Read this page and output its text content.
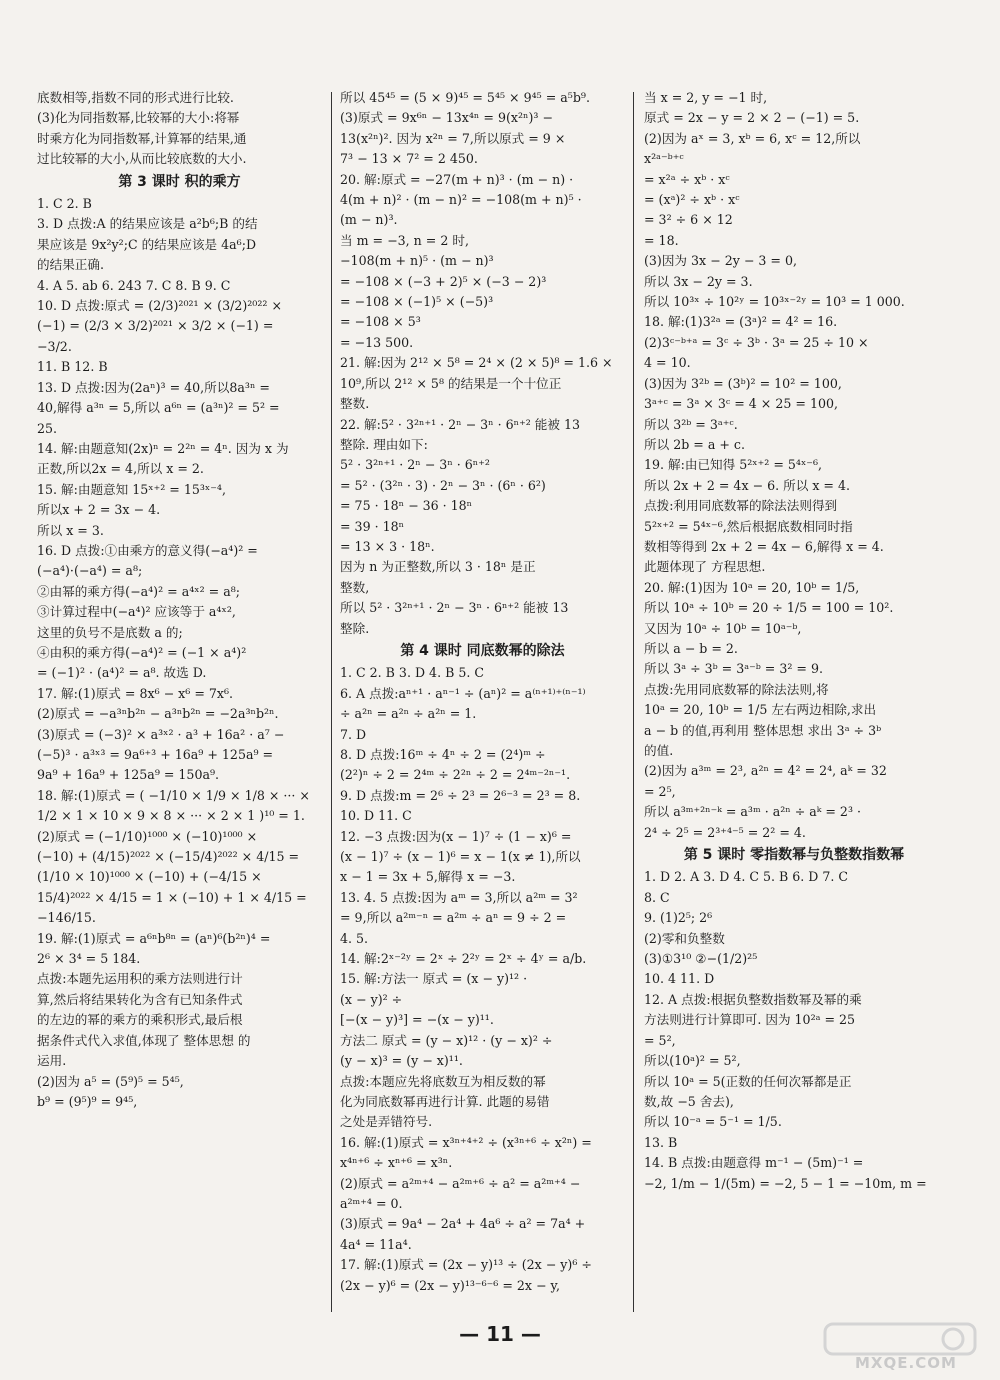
底数相等,指数不同的形式进行比较.
(3)化为同指数幂,比较幂的大小:将幂
时乘方化为同指数幂,计算幂的结果,通
过比较幂的大小,从而比较底数的大小.
第 3 课时 积的乘方
1. C 2. B
3. D 点拨:A 的结果应该是 a²b⁶;B 的结
果应该是 9x²y²;C 的结果应该是 4a⁶;D
的结果正确.
4. A 5. ab 6. 243 7. C 8. B 9. C
10. D 点拨:原式 = (2/3)²⁰²¹ × (3/2)²⁰²² ×
(−1) = (2/3 × 3/2)²⁰²¹ × 3/2 × (−1) =
−3/2.
11. B 12. B
13. D 点拨:因为(2aⁿ)³ = 40,所以8a³ⁿ =
40,解得 a³ⁿ = 5,所以 a⁶ⁿ = (a³ⁿ)² = 5² =
25.
14. 解:由题意知(2x)ⁿ = 2²ⁿ = 4ⁿ. 因为 x 为
正数,所以2x = 4,所以 x = 2.
15. 解:由题意知 15ˣ⁺² = 15³ˣ⁻⁴,
所以x + 2 = 3x − 4.
所以 x = 3.
16. D 点拨:①由乘方的意义得(−a⁴)² =
(−a⁴)·(−a⁴) = a⁸;
②由幂的乘方得(−a⁴)² = a⁴ˣ² = a⁸;
③计算过程中(−a⁴)² 应该等于 a⁴ˣ²,
这里的负号不是底数 a 的;
④由积的乘方得(−a⁴)² = (−1 × a⁴)²
= (−1)² · (a⁴)² = a⁸. 故选 D.
17. 解:(1)原式 = 8x⁶ − x⁶ = 7x⁶.
(2)原式 = −a³ⁿb²ⁿ − a³ⁿb²ⁿ = −2a³ⁿb²ⁿ.
(3)原式 = (−3)² × a³ˣ² · a³ + 16a² · a⁷ −
(−5)³ · a³ˣ³ = 9a⁶⁺³ + 16a⁹ + 125a⁹ =
9a⁹ + 16a⁹ + 125a⁹ = 150a⁹.
18. 解:(1)原式 = ( −1/10 × 1/9 × 1/8 × ··· ×
1/2 × 1 × 10 × 9 × 8 × ··· × 2 × 1 )¹⁰ = 1.
(2)原式 = (−1/10)¹⁰⁰⁰ × (−10)¹⁰⁰⁰ ×
(−10) + (4/15)²⁰²² × (−15/4)²⁰²² × 4/15 =
(1/10 × 10)¹⁰⁰⁰ × (−10) + (−4/15 ×
15/4)²⁰²² × 4/15 = 1 × (−10) + 1 × 4/15 =
−146/15.
19. 解:(1)原式 = a⁶ⁿb⁸ⁿ = (aⁿ)⁶(b²ⁿ)⁴ =
2⁶ × 3⁴ = 5 184.
点拨:本题先运用积的乘方法则进行计
算,然后将结果转化为含有已知条件式
的左边的幂的乘方的乘积形式,最后根
据条件式代入求值,体现了 整体思想 的
运用.
(2)因为 a⁵ = (5⁹)⁵ = 5⁴⁵,
b⁹ = (9⁵)⁹ = 9⁴⁵,
所以 45⁴⁵ = (5 × 9)⁴⁵ = 5⁴⁵ × 9⁴⁵ = a⁵b⁹.
(3)原式 = 9x⁶ⁿ − 13x⁴ⁿ = 9(x²ⁿ)³ −
13(x²ⁿ)². 因为 x²ⁿ = 7,所以原式 = 9 ×
7³ − 13 × 7² = 2 450.
20. 解:原式 = −27(m + n)³ · (m − n) ·
4(m + n)² · (m − n)² = −108(m + n)⁵ ·
(m − n)³.
当 m = −3, n = 2 时,
−108(m + n)⁵ · (m − n)³
= −108 × (−3 + 2)⁵ × (−3 − 2)³
= −108 × (−1)⁵ × (−5)³
= −108 × 5³
= −13 500.
21. 解:因为 2¹² × 5⁸ = 2⁴ × (2 × 5)⁸ = 1.6 ×
10⁹,所以 2¹² × 5⁸ 的结果是一个十位正
整数.
22. 解:5² · 3²ⁿ⁺¹ · 2ⁿ − 3ⁿ · 6ⁿ⁺² 能被 13
整除. 理由如下:
5² · 3²ⁿ⁺¹ · 2ⁿ − 3ⁿ · 6ⁿ⁺²
= 5² · (3²ⁿ · 3) · 2ⁿ − 3ⁿ · (6ⁿ · 6²)
= 75 · 18ⁿ − 36 · 18ⁿ
= 39 · 18ⁿ
= 13 × 3 · 18ⁿ.
因为 n 为正整数,所以 3 · 18ⁿ 是正
整数,
所以 5² · 3²ⁿ⁺¹ · 2ⁿ − 3ⁿ · 6ⁿ⁺² 能被 13
整除.
第 4 课时 同底数幂的除法
1. C 2. B 3. D 4. B 5. C
6. A 点拨:aⁿ⁺¹ · aⁿ⁻¹ ÷ (aⁿ)² = a⁽ⁿ⁺¹⁾⁺⁽ⁿ⁻¹⁾
÷ a²ⁿ = a²ⁿ ÷ a²ⁿ = 1.
7. D
8. D 点拨:16ᵐ ÷ 4ⁿ ÷ 2 = (2⁴)ᵐ ÷
(2²)ⁿ ÷ 2 = 2⁴ᵐ ÷ 2²ⁿ ÷ 2 = 2⁴ᵐ⁻²ⁿ⁻¹.
9. D 点拨:m = 2⁶ ÷ 2³ = 2⁶⁻³ = 2³ = 8.
10. D 11. C
12. −3 点拨:因为(x − 1)⁷ ÷ (1 − x)⁶ =
(x − 1)⁷ ÷ (x − 1)⁶ = x − 1(x ≠ 1),所以
x − 1 = 3x + 5,解得 x = −3.
13. 4. 5 点拨:因为 aᵐ = 3,所以 a²ᵐ = 3²
= 9,所以 a²ᵐ⁻ⁿ = a²ᵐ ÷ aⁿ = 9 ÷ 2 =
4. 5.
14. 解:2ˣ⁻²ʸ = 2ˣ ÷ 2²ʸ = 2ˣ ÷ 4ʸ = a/b.
15. 解:方法一 原式 = (x − y)¹² ·
(x − y)² ÷
[−(x − y)³] = −(x − y)¹¹.
方法二 原式 = (y − x)¹² · (y − x)² ÷
(y − x)³ = (y − x)¹¹.
点拨:本题应先将底数互为相反数的幂
化为同底数幂再进行计算. 此题的易错
之处是弄错符号.
16. 解:(1)原式 = x³ⁿ⁺⁴⁺² ÷ (x³ⁿ⁺⁶ ÷ x²ⁿ) =
x⁴ⁿ⁺⁶ ÷ xⁿ⁺⁶ = x³ⁿ.
(2)原式 = a²ᵐ⁺⁴ − a²ᵐ⁺⁶ ÷ a² = a²ᵐ⁺⁴ −
a²ᵐ⁺⁴ = 0.
(3)原式 = 9a⁴ − 2a⁴ + 4a⁶ ÷ a² = 7a⁴ +
4a⁴ = 11a⁴.
17. 解:(1)原式 = (2x − y)¹³ ÷ (2x − y)⁶ ÷
(2x − y)⁶ = (2x − y)¹³⁻⁶⁻⁶ = 2x − y,
当 x = 2, y = −1 时,
原式 = 2x − y = 2 × 2 − (−1) = 5.
(2)因为 aˣ = 3, xᵇ = 6, xᶜ = 12,所以
x²ᵃ⁻ᵇ⁺ᶜ
= x²ᵃ ÷ xᵇ · xᶜ
= (xᵃ)² ÷ xᵇ · xᶜ
= 3² ÷ 6 × 12
= 18.
(3)因为 3x − 2y − 3 = 0,
所以 3x − 2y = 3.
所以 10³ˣ ÷ 10²ʸ = 10³ˣ⁻²ʸ = 10³ = 1 000.
18. 解:(1)3²ᵃ = (3ᵃ)² = 4² = 16.
(2)3ᶜ⁻ᵇ⁺ᵃ = 3ᶜ ÷ 3ᵇ · 3ᵃ = 25 ÷ 10 ×
4 = 10.
(3)因为 3²ᵇ = (3ᵇ)² = 10² = 100,
3ᵃ⁺ᶜ = 3ᵃ × 3ᶜ = 4 × 25 = 100,
所以 3²ᵇ = 3ᵃ⁺ᶜ.
所以 2b = a + c.
19. 解:由已知得 5²ˣ⁺² = 5⁴ˣ⁻⁶,
所以 2x + 2 = 4x − 6. 所以 x = 4.
点拨:利用同底数幂的除法法则得到
5²ˣ⁺² = 5⁴ˣ⁻⁶,然后根据底数相同时指
数相等得到 2x + 2 = 4x − 6,解得 x = 4.
此题体现了 方程思想.
20. 解:(1)因为 10ᵃ = 20, 10ᵇ = 1/5,
所以 10ᵃ ÷ 10ᵇ = 20 ÷ 1/5 = 100 = 10².
又因为 10ᵃ ÷ 10ᵇ = 10ᵃ⁻ᵇ,
所以 a − b = 2.
所以 3ᵃ ÷ 3ᵇ = 3ᵃ⁻ᵇ = 3² = 9.
点拨:先用同底数幂的除法法则,将
10ᵃ = 20, 10ᵇ = 1/5 左右两边相除,求出
a − b 的值,再利用 整体思想 求出 3ᵃ ÷ 3ᵇ
的值.
(2)因为 a³ᵐ = 2³, a²ⁿ = 4² = 2⁴, aᵏ = 32
= 2⁵,
所以 a³ᵐ⁺²ⁿ⁻ᵏ = a³ᵐ · a²ⁿ ÷ aᵏ = 2³ ·
2⁴ ÷ 2⁵ = 2³⁺⁴⁻⁵ = 2² = 4.
第 5 课时 零指数幂与负整数指数幂
1. D 2. A 3. D 4. C 5. B 6. D 7. C
8. C
9. (1)2⁵; 2⁶
(2)零和负整数
(3)①3¹⁰ ②−(1/2)²⁵
10. 4 11. D
12. A 点拨:根据负整数指数幂及幂的乘
方法则进行计算即可. 因为 10²ᵃ = 25
= 5²,
所以(10ᵃ)² = 5²,
所以 10ᵃ = 5(正数的任何次幂都是正
数,故 −5 舍去),
所以 10⁻ᵃ = 5⁻¹ = 1/5.
13. B
14. B 点拨:由题意得 m⁻¹ − (5m)⁻¹ =
−2, 1/m − 1/(5m) = −2, 5 − 1 = −10m, m =
— 11 —
MXQE.COM
